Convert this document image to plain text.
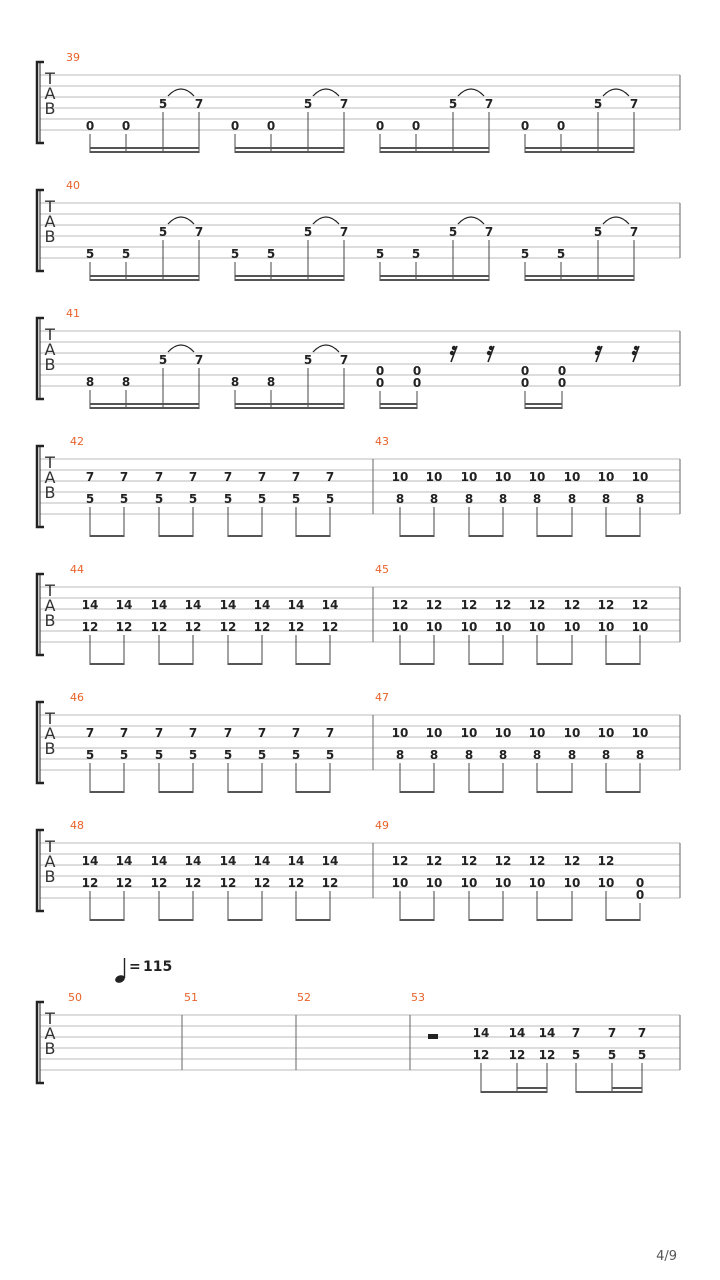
T
A
B
39
0 0
5 7
0 0
5 7
0 0
5 7
0 0
5 7
T
A
B
40
5 5
5 7
5 5
5 7
5 5
5 7
5 5
5 7
T
A
B
41
8 8
5 7
8 8
5 7
0
0
0
0
0
0
0
0
T
A
B
42	43
7
5
7
5
7
5
7
5
7
5
7
5
7
5
7
5
10
8
10
8
10
8
10
8
10
8
10
8
10
8
10
8
T
A
B
44	45
14
12
14
12
14
12
14
12
14
12
14
12
14
12
14
12
12
10
12
10
12
10
12
10
12
10
12
10
12
10
12
10
T
A
B
46	47
7
5
7
5
7
5
7
5
7
5
7
5
7
5
7
5
10
8
10
8
10
8
10
8
10
8
10
8
10
8
10
8
T
A
B
48	49
14
12
14
12
14
12
14
12
14
12
14
12
14
12
14
12
12
10
12
10
12
10
12
10
12
10
12
10
12
10 0
0
= 115
T
A
B
50	51	52	53
14
12
14
12
14
12
7
5
7
5
7
5
4/9
